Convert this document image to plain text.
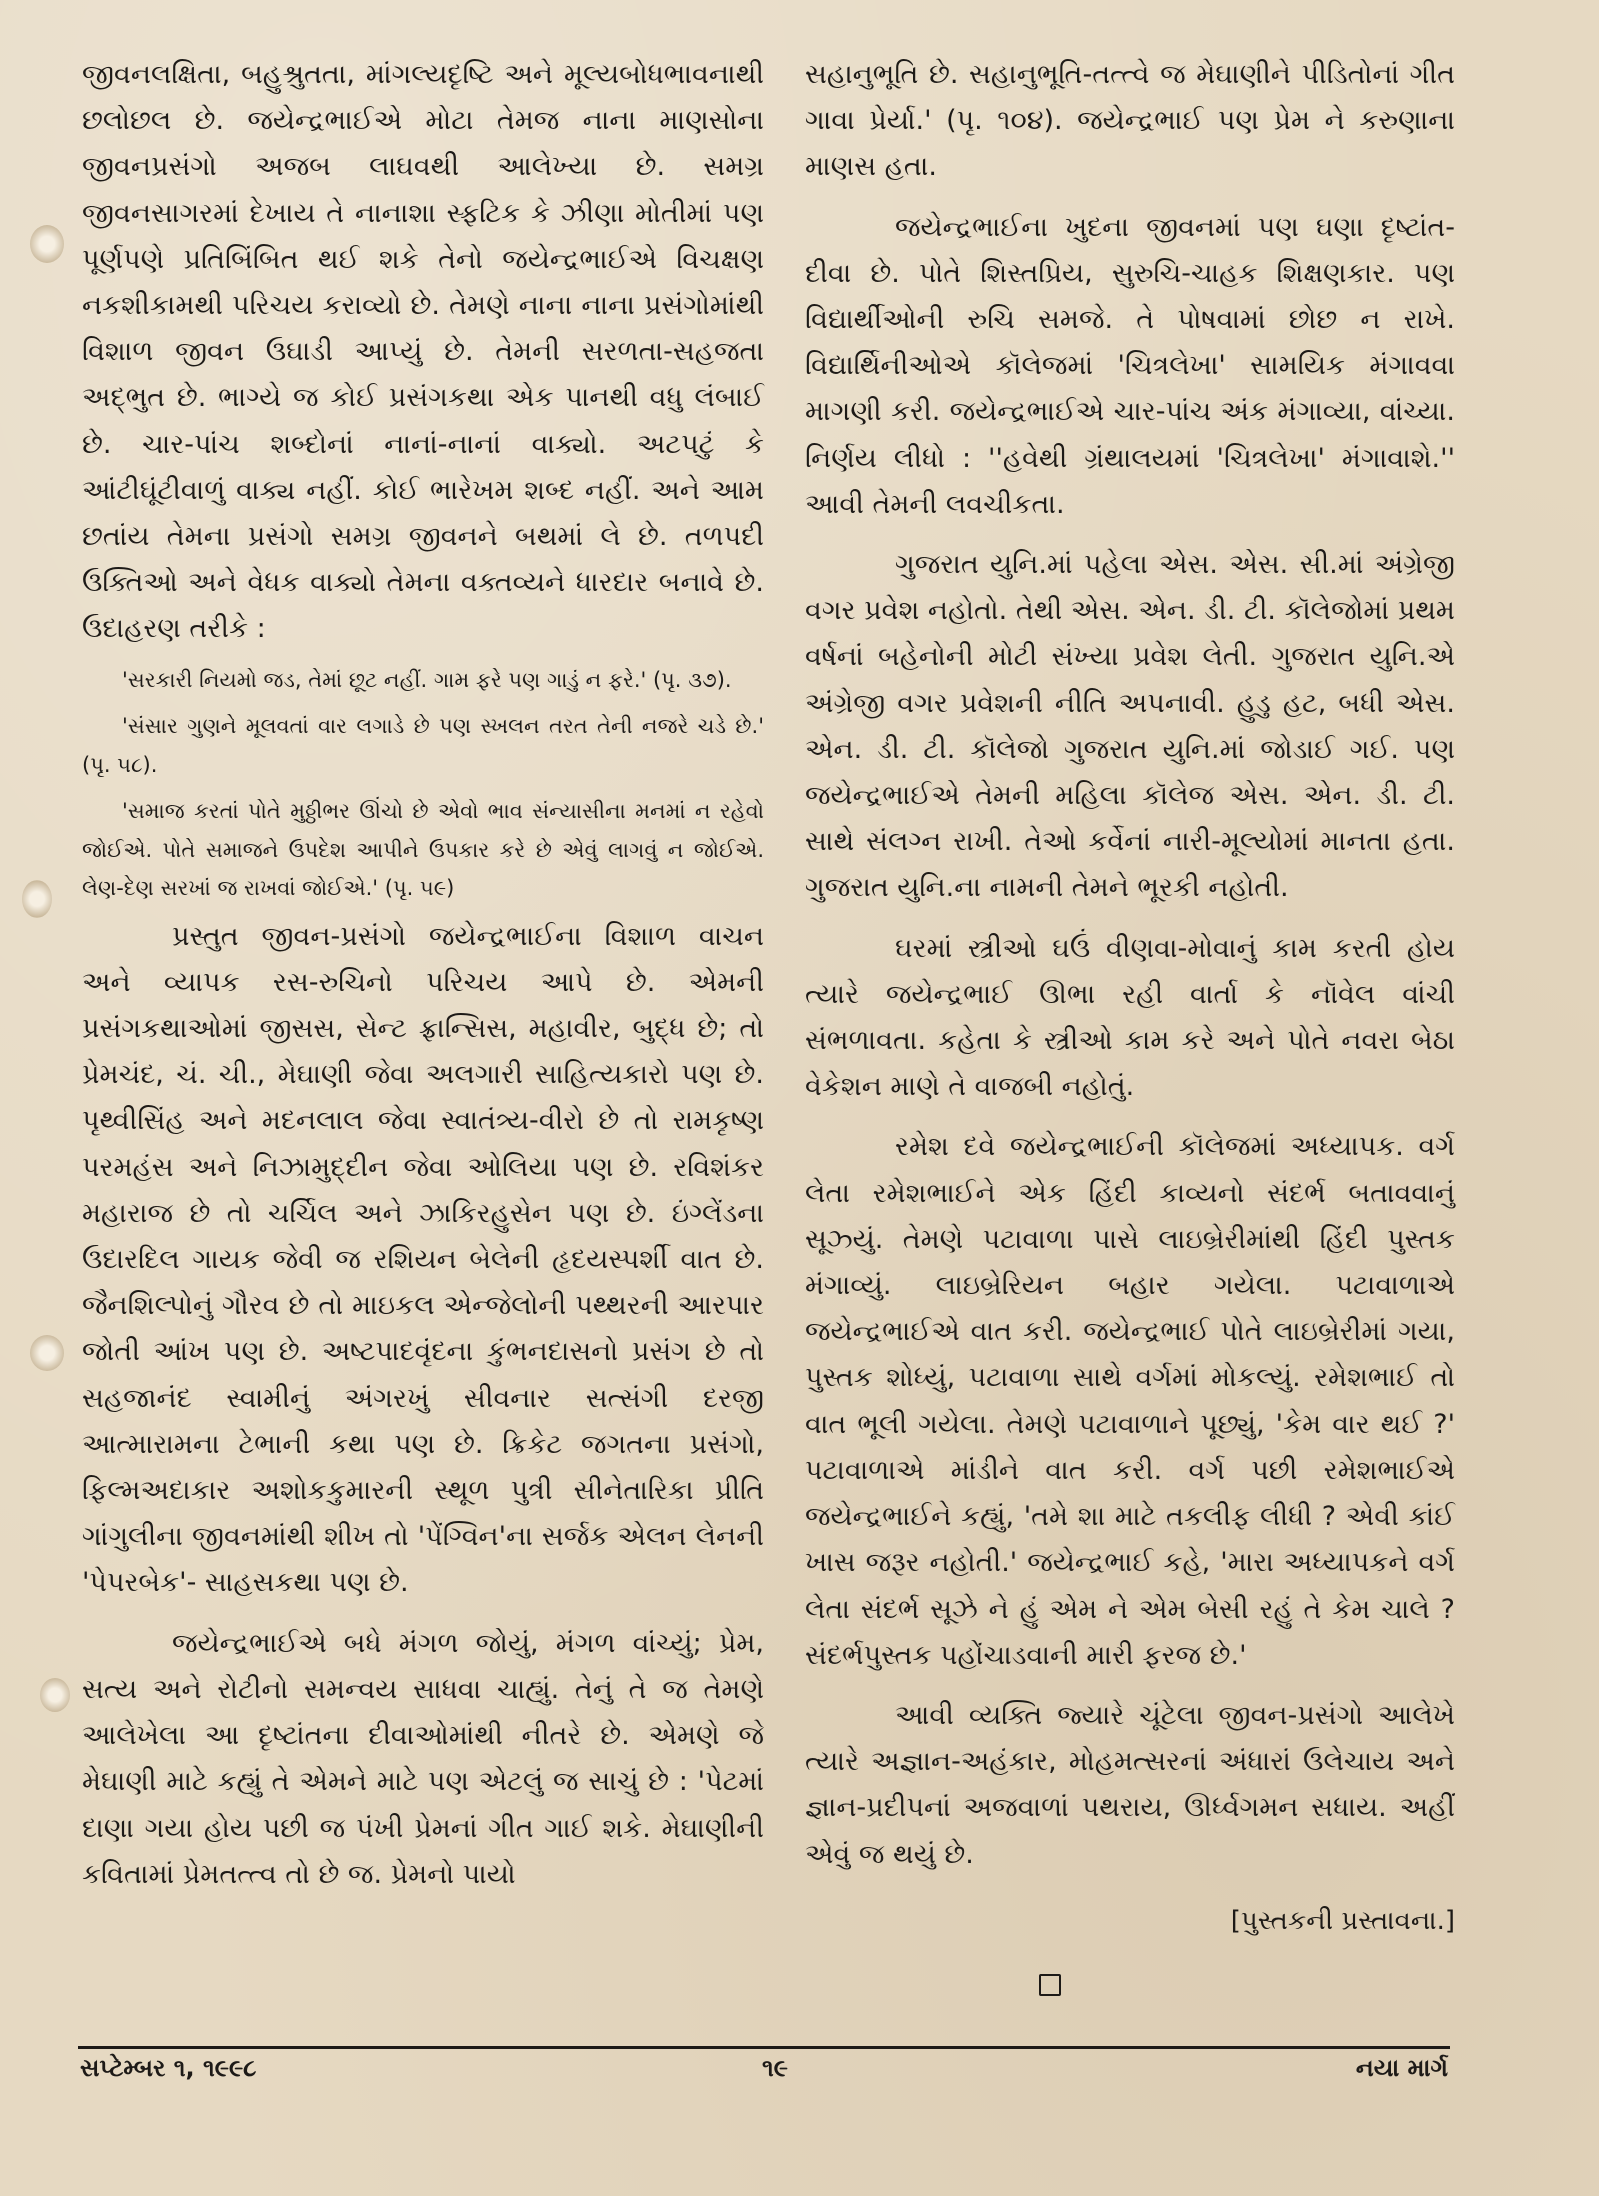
જીવનલક્ષિતા, બહુશ્રુતતા, માંગલ્યદૃષ્ટિ અને મૂલ્યબોધભાવનાથી છલોછલ છે. જયેન્દ્રભાઈએ મોટા તેમજ નાના માણસોના જીવનપ્રસંગો અજબ લાઘવથી આલેખ્યા છે. સમગ્ર જીવનસાગરમાં દેખાય તે નાનાશા સ્ફટિક કે ઝીણા મોતીમાં પણ પૂર્ણપણે પ્રતિબિંબિત થઈ શકે તેનો જયેન્દ્રભાઈએ વિચક્ષણ નકશીકામથી પરિચય કરાવ્યો છે. તેમણે નાના નાના પ્રસંગોમાંથી વિશાળ જીવન ઉઘાડી આપ્યું છે. તેમની સરળતા-સહજતા અદ્ભુત છે. ભાગ્યે જ કોઈ પ્રસંગકથા એક પાનથી વધુ લંબાઈ છે. ચાર-પાંચ શબ્દોનાં નાનાં-નાનાં વાક્યો. અટપટું કે આંટીઘૂંટીવાળું વાક્ય નહીં. કોઈ ભારેખમ શબ્દ નહીં. અને આમ છતાંય તેમના પ્રસંગો સમગ્ર જીવનને બથમાં લે છે. તળપદી ઉક્તિઓ અને વેધક વાક્યો તેમના વક્તવ્યને ધારદાર બનાવે છે. ઉદાહરણ તરીકે :

'સરકારી નિયમો જડ, તેમાં છૂટ નહીં. ગામ ફરે પણ ગાડું ન ફરે.' (પૃ. ૩૭).

'સંસાર ગુણને મૂલવતાં વાર લગાડે છે પણ સ્ખલન તરત તેની નજરે ચડે છે.' (પૃ. ૫૮).

'સમાજ કરતાં પોતે મુઠ્ઠીભર ઊંચો છે એવો ભાવ સંન્યાસીના મનમાં ન રહેવો જોઈએ. પોતે સમાજને ઉપદેશ આપીને ઉપકાર કરે છે એવું લાગવું ન જોઈએ. લેણ-દેણ સરખાં જ રાખવાં જોઈએ.' (પૃ. ૫૯)

પ્રસ્તુત જીવન-પ્રસંગો જયેન્દ્રભાઈના વિશાળ વાચન અને વ્યાપક રસ-રુચિનો પરિચય આપે છે. એમની પ્રસંગકથાઓમાં જીસસ, સેન્ટ ફ્રાન્સિસ, મહાવીર, બુદ્ધ છે; તો પ્રેમચંદ, ચં. ચી., મેઘાણી જેવા અલગારી સાહિત્યકારો પણ છે. પૃથ્વીસિંહ અને મદનલાલ જેવા સ્વાતંત્ર્ય-વીરો છે તો રામકૃષ્ણ પરમહંસ અને નિઝામુદ્દીન જેવા ઓલિયા પણ છે. રવિશંકર મહારાજ છે તો ચર્ચિલ અને ઝાકિરહુસેન પણ છે. ઇંગ્લેંડના ઉદારદિલ ગાયક જેવી જ રશિયન બેલેની હૃદયસ્પર્શી વાત છે. જૈનશિલ્પોનું ગૌરવ છે તો માઇકલ એન્જેલોની પથ્થરની આરપાર જોતી આંખ પણ છે. અષ્ટપાદવૃંદના કુંભનદાસનો પ્રસંગ છે તો સહજાનંદ સ્વામીનું અંગરખું સીવનાર સત્સંગી દરજી આત્મારામના ટેભાની કથા પણ છે. ક્રિકેટ જગતના પ્રસંગો, ફિલ્મઅદાકાર અશોકકુમારની સ્થૂળ પુત્રી સીનેતારિકા પ્રીતિ ગાંગુલીના જીવનમાંથી શીખ તો 'પેંગ્વિન'ના સર્જક એલન લેનની 'પેપરબેક'- સાહસકથા પણ છે.

જયેન્દ્રભાઈએ બધે મંગળ જોયું, મંગળ વાંચ્યું; પ્રેમ, સત્ય અને રોટીનો સમન્વય સાધવા ચાહ્યું. તેનું તે જ તેમણે આલેખેલા આ દૃષ્ટાંતના દીવાઓમાંથી નીતરે છે. એમણે જે મેઘાણી માટે કહ્યું તે એમને માટે પણ એટલું જ સાચું છે : 'પેટમાં દાણા ગયા હોય પછી જ પંખી પ્રેમનાં ગીત ગાઈ શકે. મેઘાણીની કવિતામાં પ્રેમતત્ત્વ તો છે જ. પ્રેમનો પાયો

સહાનુભૂતિ છે. સહાનુભૂતિ-તત્ત્વે જ મેઘાણીને પીડિતોનાં ગીત ગાવા પ્રેર્યા.' (પૃ. ૧૦૪). જયેન્દ્રભાઈ પણ પ્રેમ ને કરુણાના માણસ હતા.

જયેન્દ્રભાઈના ખુદના જીવનમાં પણ ઘણા દૃષ્ટાંત-દીવા છે. પોતે શિસ્તપ્રિય, સુરુચિ-ચાહક શિક્ષણકાર. પણ વિદ્યાર્થીઓની રુચિ સમજે. તે પોષવામાં છોછ ન રાખે. વિદ્યાર્થિનીઓએ કૉલેજમાં 'ચિત્રલેખા' સામયિક મંગાવવા માગણી કરી. જયેન્દ્રભાઈએ ચાર-પાંચ અંક મંગાવ્યા, વાંચ્યા. નિર્ણય લીધો : ''હવેથી ગ્રંથાલયમાં 'ચિત્રલેખા' મંગાવાશે.'' આવી તેમની લવચીકતા.

ગુજરાત યુનિ.માં પહેલા એસ. એસ. સી.માં અંગ્રેજી વગર પ્રવેશ નહોતો. તેથી એસ. એન. ડી. ટી. કૉલેજોમાં પ્રથમ વર્ષનાં બહેનોની મોટી સંખ્યા પ્રવેશ લેતી. ગુજરાત યુનિ.એ અંગ્રેજી વગર પ્રવેશની નીતિ અપનાવી. હુડુ હટ, બધી એસ. એન. ડી. ટી. કૉલેજો ગુજરાત યુનિ.માં જોડાઈ ગઈ. પણ જયેન્દ્રભાઈએ તેમની મહિલા કૉલેજ એસ. એન. ડી. ટી. સાથે સંલગ્ન રાખી. તેઓ કર્વેનાં નારી-મૂલ્યોમાં માનતા હતા. ગુજરાત યુનિ.ના નામની તેમને ભૂરકી નહોતી.

ઘરમાં સ્ત્રીઓ ઘઉં વીણવા-મોવાનું કામ કરતી હોય ત્યારે જયેન્દ્રભાઈ ઊભા રહી વાર્તા કે નૉવેલ વાંચી સંભળાવતા. કહેતા કે સ્ત્રીઓ કામ કરે અને પોતે નવરા બેઠા વેકેશન માણે તે વાજબી નહોતું.

રમેશ દવે જયેન્દ્રભાઈની કૉલેજમાં અધ્યાપક. વર્ગ લેતા રમેશભાઈને એક હિંદી કાવ્યનો સંદર્ભ બતાવવાનું સૂઝ્યું. તેમણે પટાવાળા પાસે લાઇબ્રેરીમાંથી હિંદી પુસ્તક મંગાવ્યું. લાઇબ્રેરિયન બહાર ગયેલા. પટાવાળાએ જયેન્દ્રભાઈએ વાત કરી. જયેન્દ્રભાઈ પોતે લાઇબ્રેરીમાં ગયા, પુસ્તક શોધ્યું, પટાવાળા સાથે વર્ગમાં મોકલ્યું. રમેશભાઈ તો વાત ભૂલી ગયેલા. તેમણે પટાવાળાને પૂછ્યું, 'કેમ વાર થઈ ?' પટાવાળાએ માંડીને વાત કરી. વર્ગ પછી રમેશભાઈએ જયેન્દ્રભાઈને કહ્યું, 'તમે શા માટે તકલીફ લીધી ? એવી કાંઈ ખાસ જરૂર નહોતી.' જયેન્દ્રભાઈ કહે, 'મારા અધ્યાપકને વર્ગ લેતા સંદર્ભ સૂઝે ને હું એમ ને એમ બેસી રહું તે કેમ ચાલે ? સંદર્ભપુસ્તક પહોંચાડવાની મારી ફરજ છે.'

આવી વ્યક્તિ જ્યારે ચૂંટેલા જીવન-પ્રસંગો આલેખે ત્યારે અજ્ઞાન-અહંકાર, મોહમત્સરનાં અંધારાં ઉલેચાય અને જ્ઞાન-પ્રદીપનાં અજવાળાં પથરાય, ઊર્ધ્વગમન સધાય. અહીં એવું જ થયું છે.

[પુસ્તકની પ્રસ્તાવના.]

સપ્ટેમ્બર ૧, ૧૯૯૮	૧૯	નયા માર્ગ
